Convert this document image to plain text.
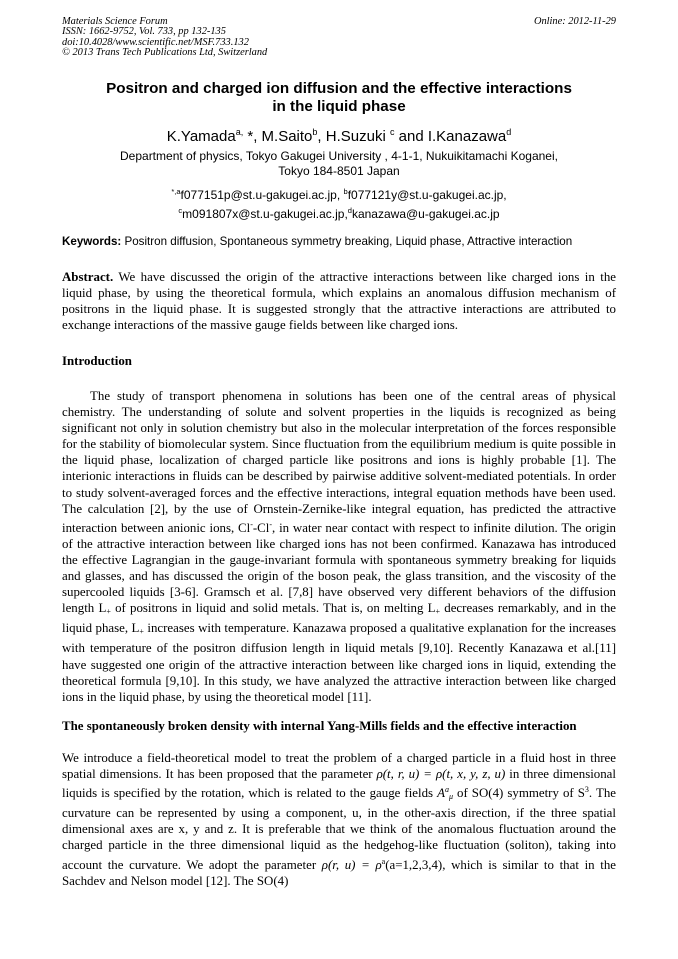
Materials Science Forum
ISSN: 1662-9752, Vol. 733, pp 132-135
doi:10.4028/www.scientific.net/MSF.733.132
© 2013 Trans Tech Publications Ltd, Switzerland
Online: 2012-11-29
Positron and charged ion diffusion and the effective interactions
in the liquid phase
K.Yamada$^{a,}$ *, M.Saito$^b$, H.Suzuki $^c$ and I.Kanazawa$^d$
Department of physics, Tokyo Gakugei University , 4-1-1, Nukuikitamachi Koganei,
Tokyo 184-8501 Japan
$^{*,a}$f077151p@st.u-gakugei.ac.jp, $^b$f077121y@st.u-gakugei.ac.jp,
$^c$m091807x@st.u-gakugei.ac.jp,$^d$kanazawa@u-gakugei.ac.jp
Keywords: Positron diffusion, Spontaneous symmetry breaking, Liquid phase, Attractive interaction
Abstract. We have discussed the origin of the attractive interactions between like charged ions in the liquid phase, by using the theoretical formula, which explains an anomalous diffusion mechanism of positrons in the liquid phase. It is suggested strongly that the attractive interactions are attributed to exchange interactions of the massive gauge fields between like charged ions.
Introduction
The study of transport phenomena in solutions has been one of the central areas of physical chemistry. The understanding of solute and solvent properties in the liquids is recognized as being significant not only in solution chemistry but also in the molecular interpretation of the forces responsible for the stability of biomolecular system. Since fluctuation from the equilibrium medium is quite possible in the liquid phase, localization of charged particle like positrons and ions is highly probable [1]. The interionic interactions in fluids can be described by pairwise additive solvent-mediated potentials. In order to study solvent-averaged forces and the effective interactions, integral equation methods have been used. The calculation [2], by the use of Ornstein-Zernike-like integral equation, has predicted the attractive interaction between anionic ions, Cl--Cl-, in water near contact with respect to infinite dilution. The origin of the attractive interaction between like charged ions has not been confirmed. Kanazawa has introduced the effective Lagrangian in the gauge-invariant formula with spontaneous symmetry breaking for liquids and glasses, and has discussed the origin of the boson peak, the glass transition, and the viscosity of the supercooled liquids [3-6]. Gramsch et al. [7,8] have observed very different behaviors of the diffusion length $L_+$ of positrons in liquid and solid metals. That is, on melting $L_+$ decreases remarkably, and in the liquid phase, $L_+$ increases with temperature. Kanazawa proposed a qualitative explanation for the increases with temperature of the positron diffusion length in liquid metals [9,10]. Recently Kanazawa et al.[11] have suggested one origin of the attractive interaction between like charged ions in liquid, extending the theoretical formula [9,10]. In this study, we have analyzed the attractive interaction between like charged ions in the liquid phase, by using the theoretical model [11].
The spontaneously broken density with internal Yang-Mills fields and the effective interaction
We introduce a field-theoretical model to treat the problem of a charged particle in a fluid host in three spatial dimensions. It has been proposed that the parameter ρ(t, r, u) = ρ(t, x, y, z, u) in three dimensional liquids is specified by the rotation, which is related to the gauge fields $A^a_\mu$ of SO(4) symmetry of $S^3$. The curvature can be represented by using a component, u, in the other-axis direction, if the three spatial dimensional axes are x, y and z. It is preferable that we think of the anomalous fluctuation around the charged particle in the three dimensional liquid as the hedgehog-like fluctuation (soliton), taking into account the curvature. We adopt the parameter ρ(r, $u) = \rho^a(a=1,2,3,4)$, which is similar to that in the Sachdev and Nelson model [12]. The SO(4)
